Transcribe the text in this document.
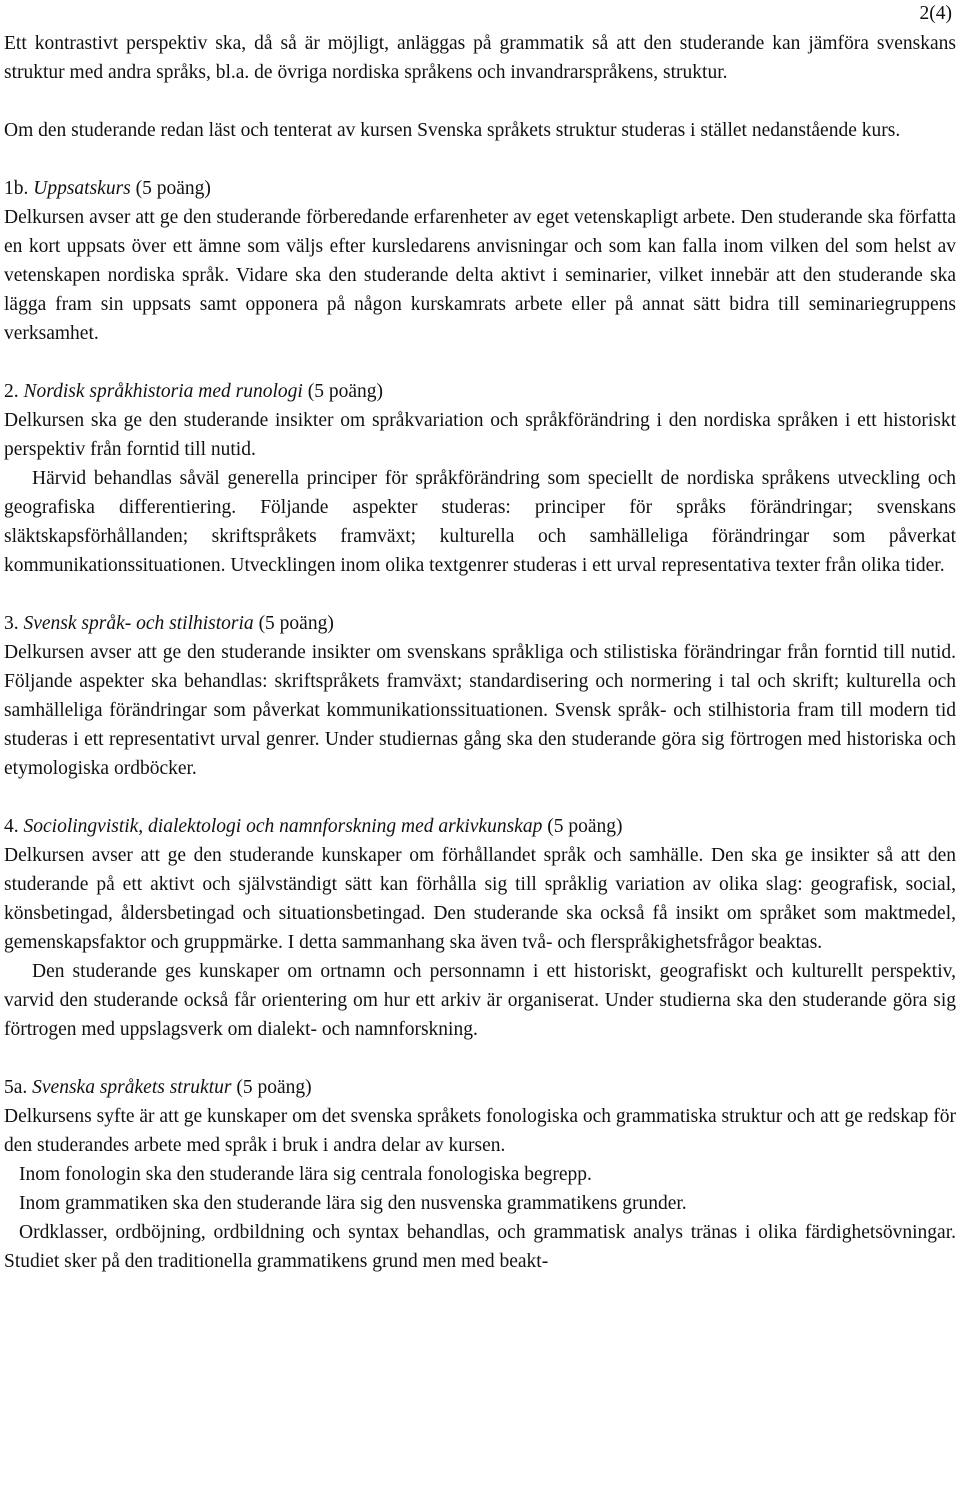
2(4)

Ett kontrastivt perspektiv ska, då så är möjligt, anläggas på grammatik så att den studerande kan jämföra svenskans struktur med andra språks, bl.a. de övriga nordiska språkens och invandrarspråkens, struktur.

Om den studerande redan läst och tenterat av kursen Svenska språkets struktur studeras i stället nedanstående kurs.

1b. Uppsatskurs (5 poäng)

Delkursen avser att ge den studerande förberedande erfarenheter av eget vetenskapligt arbete. Den studerande ska författa en kort uppsats över ett ämne som väljs efter kursledarens anvisningar och som kan falla inom vilken del som helst av vetenskapen nordiska språk. Vidare ska den studerande delta aktivt i seminarier, vilket innebär att den studerande ska lägga fram sin uppsats samt opponera på någon kurskamrats arbete eller på annat sätt bidra till seminariegruppens verksamhet.

2. Nordisk språkhistoria med runologi (5 poäng)

Delkursen ska ge den studerande insikter om språkvariation och språkförändring i den nordiska språken i ett historiskt perspektiv från forntid till nutid.

Härvid behandlas såväl generella principer för språkförändring som speciellt de nordiska språkens utveckling och geografiska differentiering. Följande aspekter studeras: principer för språks förändringar; svenskans släktskapsförhållanden; skriftspråkets framväxt; kulturella och samhälleliga förändringar som påverkat kommunikationssituationen. Utvecklingen inom olika textgenrer studeras i ett urval representativa texter från olika tider.

3. Svensk språk- och stilhistoria (5 poäng)

Delkursen avser att ge den studerande insikter om svenskans språkliga och stilistiska förändringar från forntid till nutid. Följande aspekter ska behandlas: skriftspråkets framväxt; standardisering och normering i tal och skrift; kulturella och samhälleliga förändringar som påverkat kommunikationssituationen. Svensk språk- och stilhistoria fram till modern tid studeras i ett representativt urval genrer. Under studiernas gång ska den studerande göra sig förtrogen med historiska och etymologiska ordböcker.

4. Sociolingvistik, dialektologi och namnforskning med arkivkunskap (5 poäng)

Delkursen avser att ge den studerande kunskaper om förhållandet språk och samhälle. Den ska ge insikter så att den studerande på ett aktivt och självständigt sätt kan förhålla sig till språklig variation av olika slag: geografisk, social, könsbetingad, åldersbetingad och situationsbetingad. Den studerande ska också få insikt om språket som maktmedel, gemenskapsfaktor och gruppmärke. I detta sammanhang ska även två- och flerspråkighetsfrågor beaktas.

Den studerande ges kunskaper om ortnamn och personnamn i ett historiskt, geografiskt och kulturellt perspektiv, varvid den studerande också får orientering om hur ett arkiv är organiserat. Under studierna ska den studerande göra sig förtrogen med uppslagsverk om dialekt- och namnforskning.

5a. Svenska språkets struktur (5 poäng)

Delkursens syfte är att ge kunskaper om det svenska språkets fonologiska och grammatiska struktur och att ge redskap för den studerandes arbete med språk i bruk i andra delar av kursen.

Inom fonologin ska den studerande lära sig centrala fonologiska begrepp.

Inom grammatiken ska den studerande lära sig den nusvenska grammatikens grunder.

Ordklasser, ordböjning, ordbildning och syntax behandlas, och grammatisk analys tränas i olika färdighetsövningar. Studiet sker på den traditionella grammatikens grund men med beakt-
